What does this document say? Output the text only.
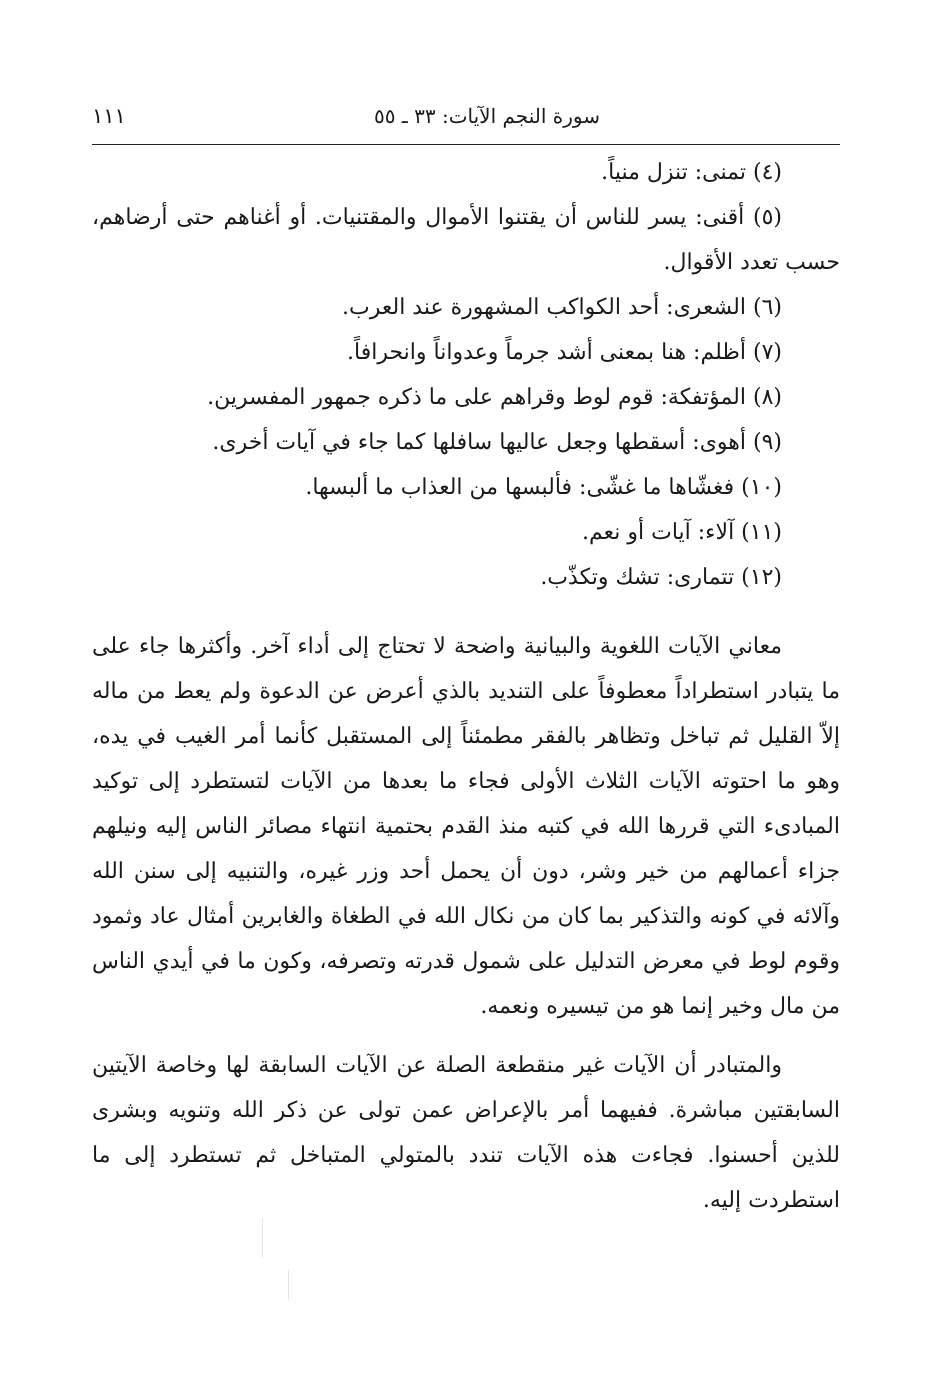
سورة النجم الآيات: ٣٣ ـ ٥٥
١١١

(٤) تمنى: تنزل منياً.

(٥) أقنى: يسر للناس أن يقتنوا الأموال والمقتنيات. أو أغناهم حتى أرضاهم، حسب تعدد الأقوال.

(٦) الشعرى: أحد الكواكب المشهورة عند العرب.

(٧) أظلم: هنا بمعنى أشد جرماً وعدواناً وانحرافاً.

(٨) المؤتفكة: قوم لوط وقراهم على ما ذكره جمهور المفسرين.

(٩) أهوى: أسقطها وجعل عاليها سافلها كما جاء في آيات أخرى.

(١٠) فغشّاها ما غشّى: فألبسها من العذاب ما ألبسها.

(١١) آلاء: آيات أو نعم.

(١٢) تتمارى: تشك وتكذّب.

معاني الآيات اللغوية والبيانية واضحة لا تحتاج إلى أداء آخر. وأكثرها جاء على ما يتبادر استطراداً معطوفاً على التنديد بالذي أعرض عن الدعوة ولم يعط من ماله إلاّ القليل ثم تباخل وتظاهر بالفقر مطمئناً إلى المستقبل كأنما أمر الغيب في يده، وهو ما احتوته الآيات الثلاث الأولى فجاء ما بعدها من الآيات لتستطرد إلى توكيد المبادىء التي قررها الله في كتبه منذ القدم بحتمية انتهاء مصائر الناس إليه ونيلهم جزاء أعمالهم من خير وشر، دون أن يحمل أحد وزر غيره، والتنبيه إلى سنن الله وآلائه في كونه والتذكير بما كان من نكال الله في الطغاة والغابرين أمثال عاد وثمود وقوم لوط في معرض التدليل على شمول قدرته وتصرفه، وكون ما في أيدي الناس من مال وخير إنما هو من تيسيره ونعمه.

والمتبادر أن الآيات غير منقطعة الصلة عن الآيات السابقة لها وخاصة الآيتين السابقتين مباشرة. ففيهما أمر بالإعراض عمن تولى عن ذكر الله وتنويه وبشرى للذين أحسنوا. فجاءت هذه الآيات تندد بالمتولي المتباخل ثم تستطرد إلى ما استطردت إليه.
